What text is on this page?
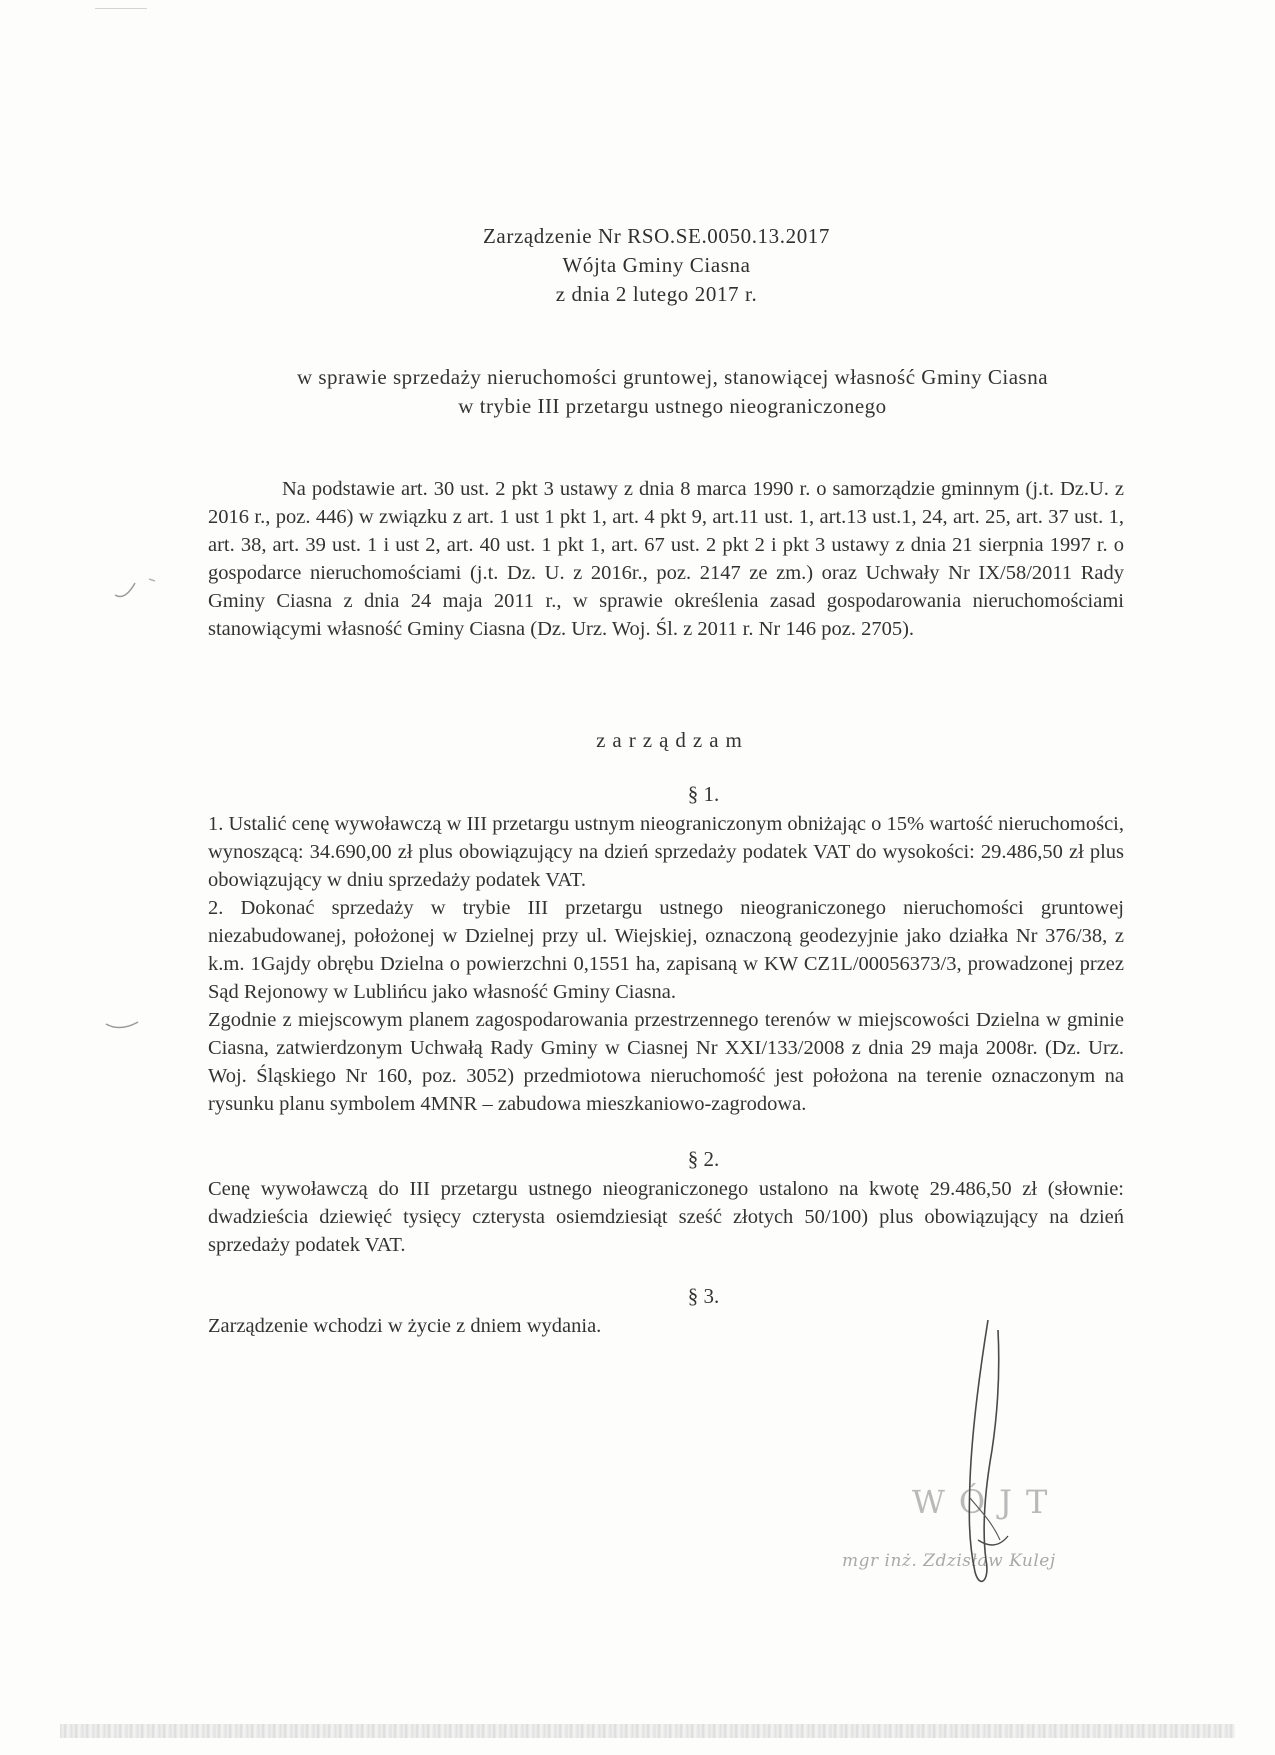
Zarządzenie Nr RSO.SE.0050.13.2017
Wójta Gminy Ciasna
z dnia 2 lutego 2017 r.
w sprawie sprzedaży nieruchomości gruntowej, stanowiącej własność Gminy Ciasna
w trybie III przetargu ustnego nieograniczonego
Na podstawie art. 30 ust. 2 pkt 3 ustawy z dnia 8 marca 1990 r. o samorządzie gminnym (j.t. Dz.U. z 2016 r., poz. 446) w związku z art. 1 ust 1 pkt 1, art. 4 pkt 9, art.11 ust. 1, art.13 ust.1, 24, art. 25, art. 37 ust. 1, art. 38, art. 39 ust. 1 i ust 2, art. 40 ust. 1 pkt 1, art. 67 ust. 2 pkt 2 i pkt 3 ustawy z dnia 21 sierpnia 1997 r. o gospodarce nieruchomościami (j.t. Dz. U. z 2016r., poz. 2147 ze zm.) oraz Uchwały Nr IX/58/2011 Rady Gminy Ciasna z dnia 24 maja 2011 r., w sprawie określenia zasad gospodarowania nieruchomościami stanowiącymi własność Gminy Ciasna (Dz. Urz. Woj. Śl. z 2011 r. Nr 146 poz. 2705).
zarządzam
§ 1.

1. Ustalić cenę wywoławczą w III przetargu ustnym nieograniczonym obniżając o 15% wartość nieruchomości, wynoszącą: 34.690,00 zł plus obowiązujący na dzień sprzedaży podatek VAT do wysokości: 29.486,50 zł plus obowiązujący w dniu sprzedaży podatek VAT.

2. Dokonać sprzedaży w trybie III przetargu ustnego nieograniczonego nieruchomości gruntowej niezabudowanej, położonej w Dzielnej przy ul. Wiejskiej, oznaczoną geodezyjnie jako działka Nr 376/38, z k.m. 1Gajdy obrębu Dzielna o powierzchni 0,1551 ha, zapisaną w KW CZ1L/00056373/3, prowadzonej przez Sąd Rejonowy w Lublińcu jako własność Gminy Ciasna.

Zgodnie z miejscowym planem zagospodarowania przestrzennego terenów w miejscowości Dzielna w gminie Ciasna, zatwierdzonym Uchwałą Rady Gminy w Ciasnej Nr XXI/133/2008 z dnia 29 maja 2008r. (Dz. Urz. Woj. Śląskiego Nr 160, poz. 3052) przedmiotowa nieruchomość jest położona na terenie oznaczonym na rysunku planu symbolem 4MNR – zabudowa mieszkaniowo-zagrodowa.

§ 2.
Cenę wywoławczą do III przetargu ustnego nieograniczonego ustalono na kwotę 29.486,50 zł (słownie: dwadzieścia dziewięć tysięcy czterysta osiemdziesiąt sześć złotych 50/100) plus obowiązujący na dzień sprzedaży podatek VAT.
§ 3.
Zarządzenie wchodzi w życie z dniem wydania.
WÓJT
mgr inż. Zdzisław Kulej
